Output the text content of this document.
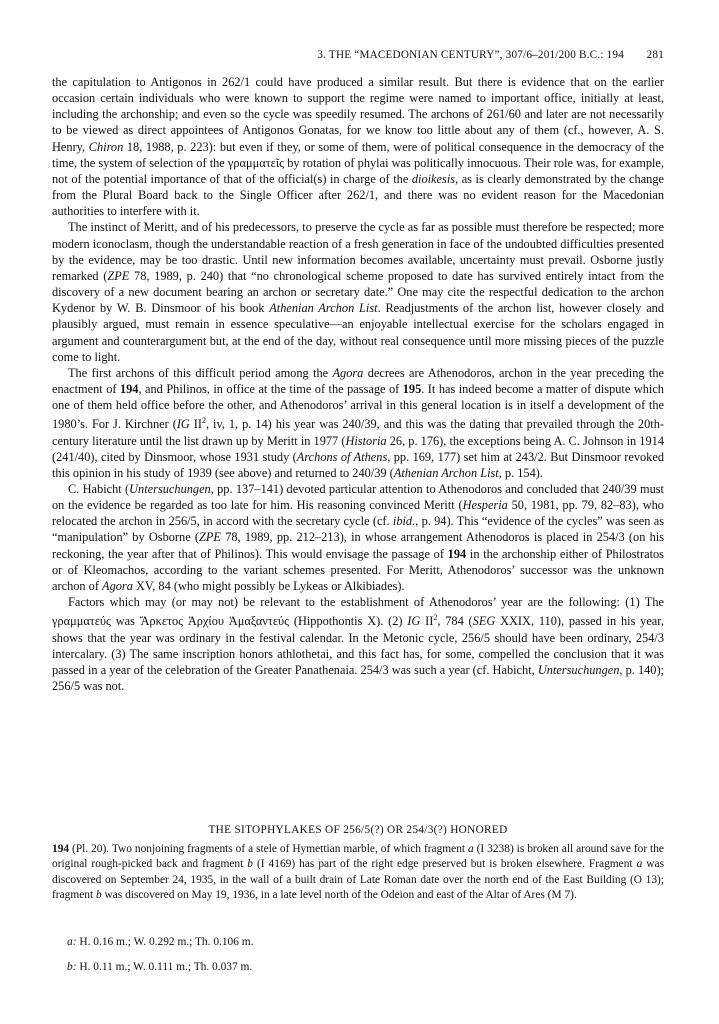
3. THE “MACEDONIAN CENTURY”, 307/6–201/200 B.C.: 194 281

the capitulation to Antigonos in 262/1 could have produced a similar result. But there is evidence that on the earlier occasion certain individuals who were known to support the regime were named to important office, initially at least, including the archonship; and even so the cycle was speedily resumed. The archons of 261/60 and later are not necessarily to be viewed as direct appointees of Antigonos Gonatas, for we know too little about any of them (cf., however, A. S. Henry, Chiron 18, 1988, p. 223): but even if they, or some of them, were of political consequence in the democracy of the time, the system of selection of the γραμματεῖς by rotation of phylai was politically innocuous. Their role was, for example, not of the potential importance of that of the official(s) in charge of the dioikesis, as is clearly demonstrated by the change from the Plural Board back to the Single Officer after 262/1, and there was no evident reason for the Macedonian authorities to interfere with it.

The instinct of Meritt, and of his predecessors, to preserve the cycle as far as possible must therefore be respected; more modern iconoclasm, though the understandable reaction of a fresh generation in face of the undoubted difficulties presented by the evidence, may be too drastic. Until new information becomes available, uncertainty must prevail. Osborne justly remarked (ZPE 78, 1989, p. 240) that “no chronological scheme proposed to date has survived entirely intact from the discovery of a new document bearing an archon or secretary date.” One may cite the respectful dedication to the archon Kydenor by W. B. Dinsmoor of his book Athenian Archon List. Readjustments of the archon list, however closely and plausibly argued, must remain in essence speculative—an enjoyable intellectual exercise for the scholars engaged in argument and counterargument but, at the end of the day, without real consequence until more missing pieces of the puzzle come to light.

The first archons of this difficult period among the Agora decrees are Athenodoros, archon in the year preceding the enactment of 194, and Philinos, in office at the time of the passage of 195. It has indeed become a matter of dispute which one of them held office before the other, and Athenodoros’ arrival in this general location is in itself a development of the 1980’s. For J. Kirchner (IG $II^2$, iv, 1, p. 14) his year was 240/39, and this was the dating that prevailed through the 20th-century literature until the list drawn up by Meritt in 1977 (Historia 26, p. 176), the exceptions being A. C. Johnson in 1914 (241/40), cited by Dinsmoor, whose 1931 study (Archons of Athens, pp. 169, 177) set him at 243/2. But Dinsmoor revoked this opinion in his study of 1939 (see above) and returned to 240/39 (Athenian Archon List, p. 154).

C. Habicht (Untersuchungen, pp. 137–141) devoted particular attention to Athenodoros and concluded that 240/39 must on the evidence be regarded as too late for him. His reasoning convinced Meritt (Hesperia 50, 1981, pp. 79, 82–83), who relocated the archon in 256/5, in accord with the secretary cycle (cf. ibid., p. 94). This “evidence of the cycles” was seen as “manipulation” by Osborne (ZPE 78, 1989, pp. 212–213), in whose arrangement Athenodoros is placed in 254/3 (on his reckoning, the year after that of Philinos). This would envisage the passage of 194 in the archonship either of Philostratos or of Kleomachos, according to the variant schemes presented. For Meritt, Athenodoros’ successor was the unknown archon of Agora XV, 84 (who might possibly be Lykeas or Alkibiades).

Factors which may (or may not) be relevant to the establishment of Athenodoros’ year are the following: (1) The γραμματεύς was Ἄρκετος Ἀρχίου Ἁμαξαντεύς (Hippothontis X). (2) IG $II^2$, 784 (SEG XXIX, 110), passed in his year, shows that the year was ordinary in the festival calendar. In the Metonic cycle, 256/5 should have been ordinary, 254/3 intercalary. (3) The same inscription honors athlothetai, and this fact has, for some, compelled the conclusion that it was passed in a year of the celebration of the Greater Panathenaia. 254/3 was such a year (cf. Habicht, Untersuchungen, p. 140); 256/5 was not.

THE SITOPHYLAKES OF 256/5(?) OR 254/3(?) HONORED

194 (Pl. 20). Two nonjoining fragments of a stele of Hymettian marble, of which fragment a (I 3238) is broken all around save for the original rough-picked back and fragment b (I 4169) has part of the right edge preserved but is broken elsewhere. Fragment a was discovered on September 24, 1935, in the wall of a built drain of Late Roman date over the north end of the East Building (O 13); fragment b was discovered on May 19, 1936, in a late level north of the Odeion and east of the Altar of Ares (M 7).

a: H. 0.16 m.; W. 0.292 m.; Th. 0.106 m.
b: H. 0.11 m.; W. 0.111 m.; Th. 0.037 m.
